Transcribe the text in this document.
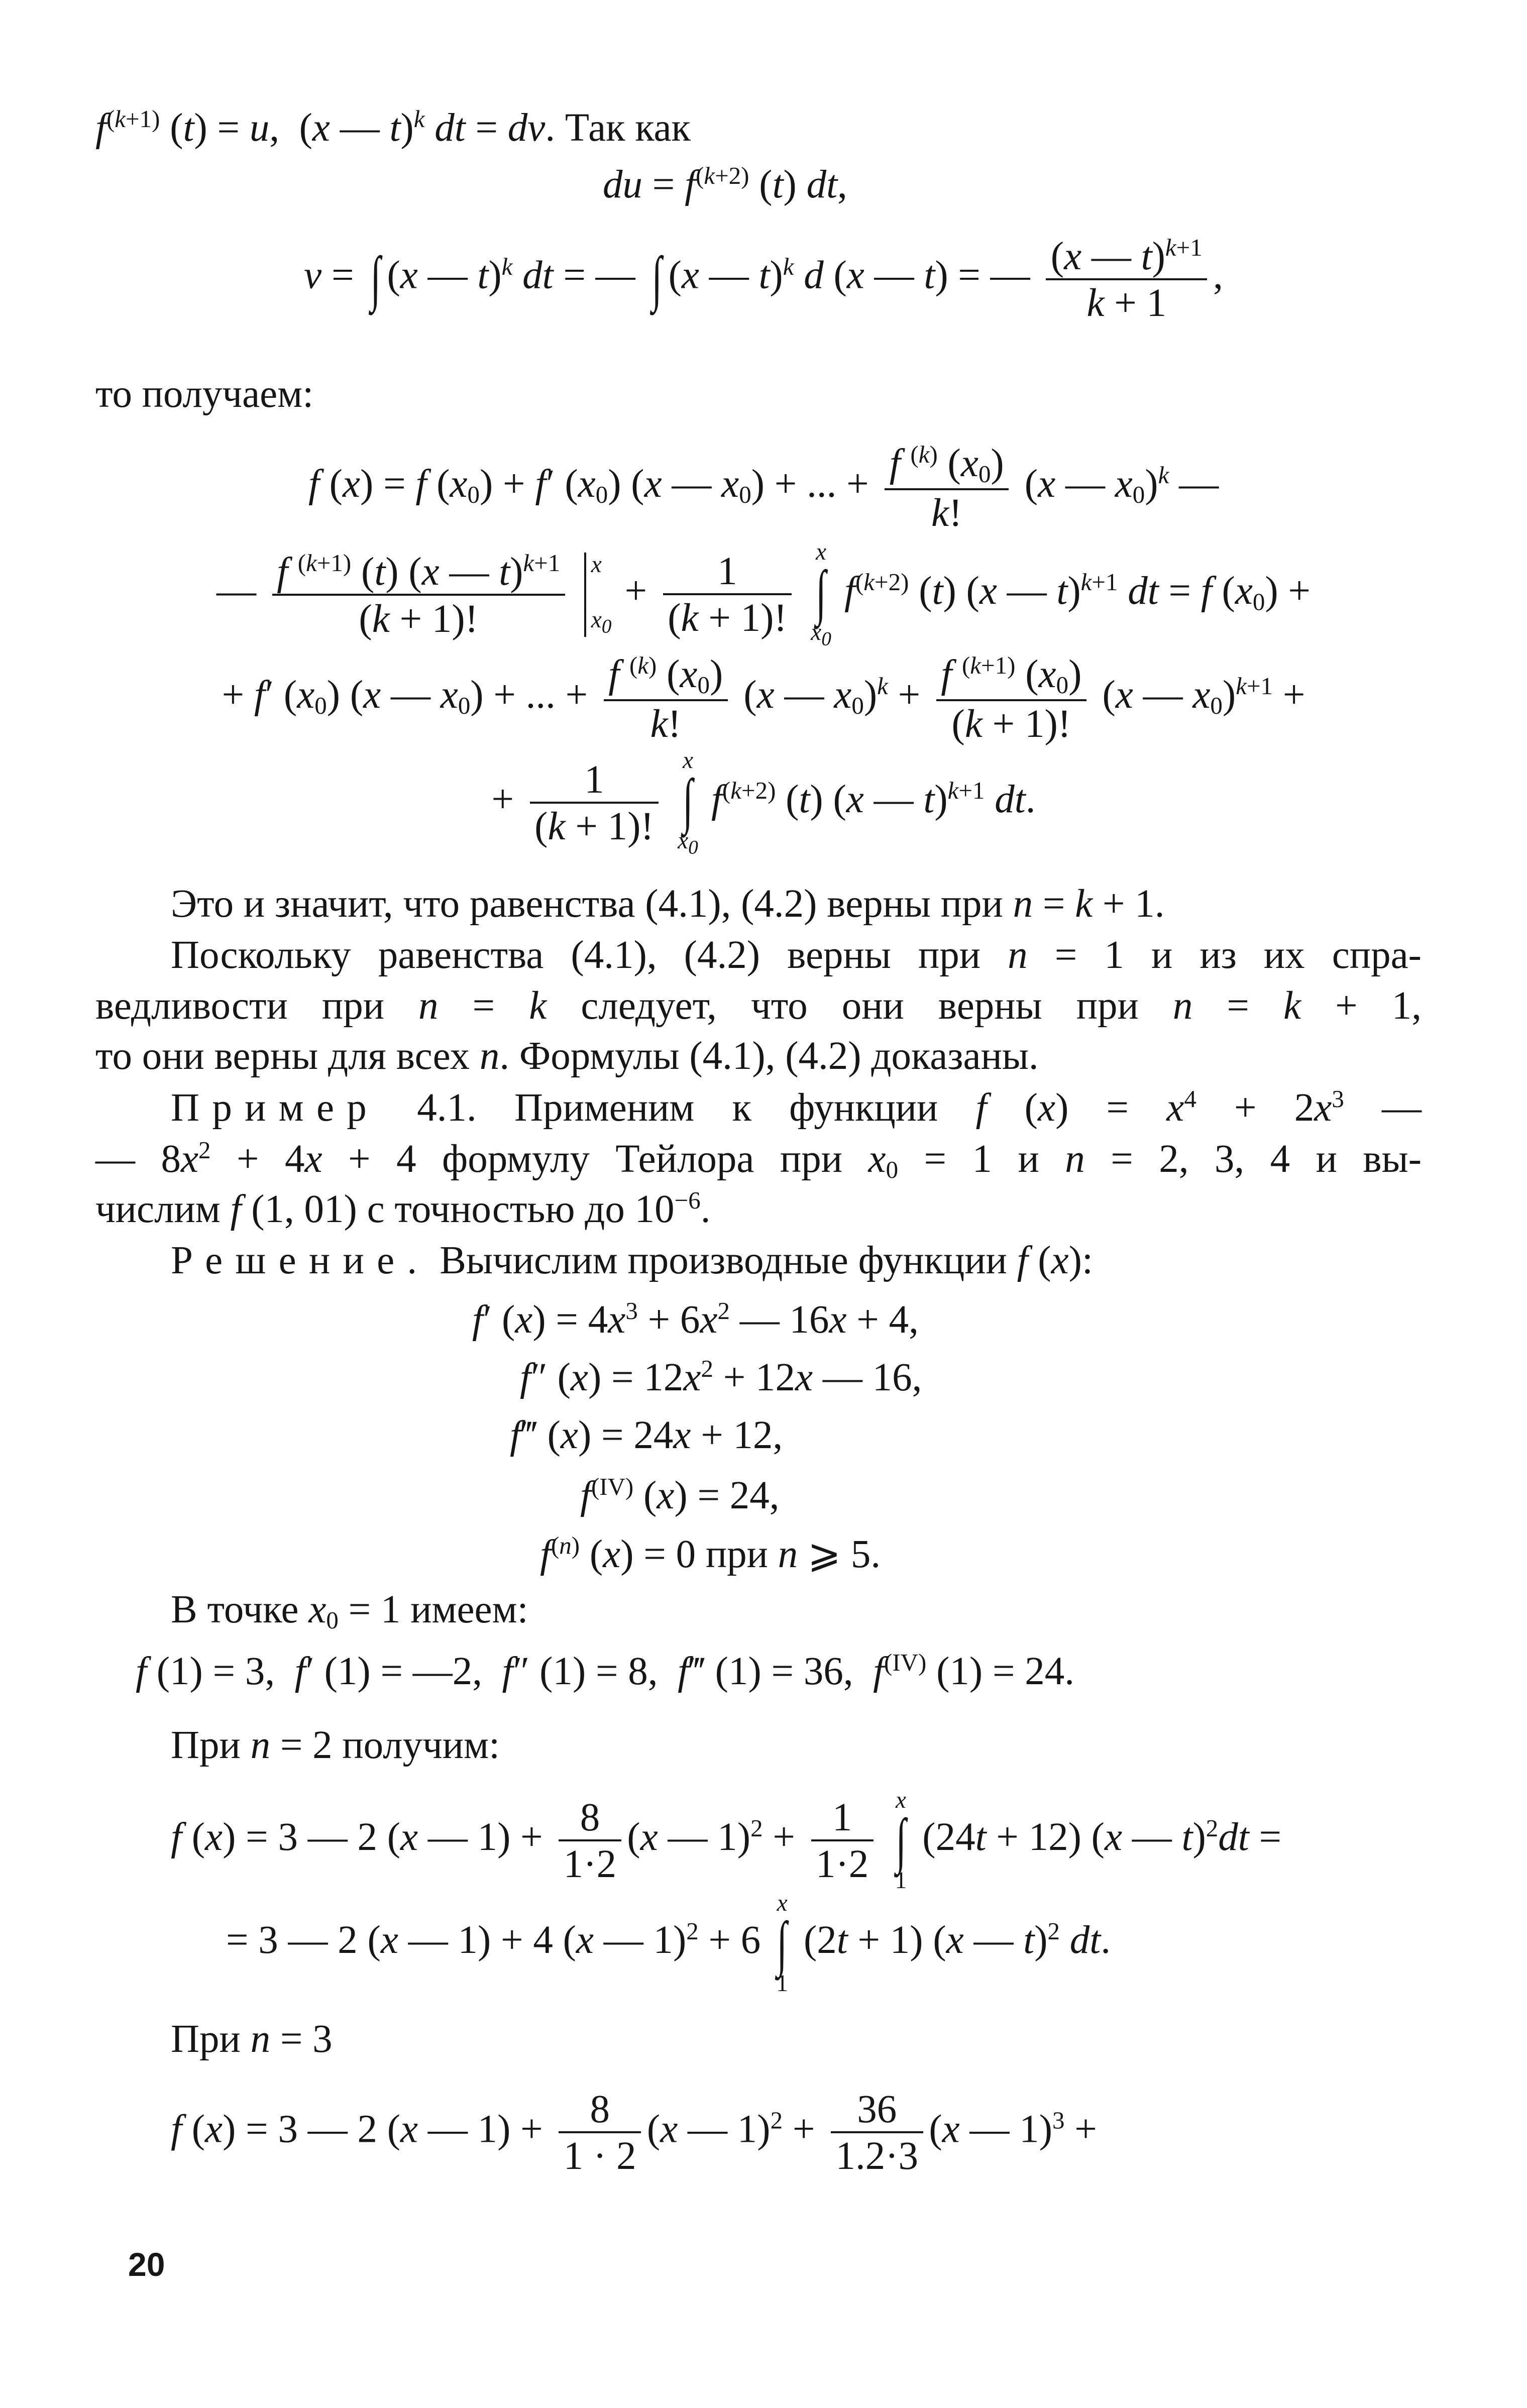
$f^{(k+1)}$ (t) = u,  (x — t)$^k$ dt = dv. Так как
du = $f^{(k+2)}$ (t) dt,
v = ∫ (x — t)$^k$ dt = — ∫ (x — t)$^k$ d (x — t) = — $\frac{(x — t)^{k+1}}{k + 1}$ ,
то получаем:
f (x) = f $(x_0) + f'$ $(x_0)$ (x — $x_0$) + ... + $\frac{f ^{(k)} (x_0)}{k!} (x$ — $x_0)^k$ —
— $\frac{f ^{(k+1)} (t) (x — t)^{k+1}}{(k + 1)!}$
x
$x_0$
+ $\frac{1}{(k + 1)!}$
x
∫
$x_0$
$f^{(k+2)}$ (t) (x — t)$^{k+1}$ dt = f $(x_0)$ +
+ f′ $(x_0)$ (x — $x_0$) + ... + $\frac{f ^{(k)} (x_0)}{k!} (x$ — $x_0)^k + \frac{f ^{(k+1)} (x_0)}{(k + 1)!} (x$ — $x_0)^{k+1}$ +
+ $\frac{1}{(k + 1)!}$
x
∫
$x_0$
$f^{(k+2)}$ (t) (x — t)$^{k+1}$ dt.
Это и значит, что равенства (4.1), (4.2) верны при n = k + 1.
Поскольку равенства (4.1), (4.2) верны при n = 1 и из их спра-
ведливости при n = k следует, что они верны при n = k + 1,
то они верны для всех n. Формулы (4.1), (4.2) доказаны.
Пример 4.1. Применим к функции f $(x) = x^4 + 2x^3$ —
— $8x^2 + 4x + 4$ формулу Тейлора при $x_0 = 1$ и n = 2, 3, 4 и вы-
числим f (1, 01) с точностью до $10^{-6}$.
Решение. Вычислим производные функции f (x):
f′ $(x) = 4x^3 + 6x^2$ — 16x + 4,
f″ $(x) = 12x^2 + 12x$ — 16,
f‴ (x) = 24x + 12,
$f^{(IV)}$ (x) = 24,
$f^{(n)}$ (x) = 0 при n ⩾ 5.
В точке $x_0 = 1$ имеем:
f (1) = 3,  f′ (1) = —2,  f″ (1) = 8,  f‴ (1) = 36,  $f^{(IV)}$ (1) = 24.
При n = 2 получим:
f (x) = 3 — 2 (x — $1) + \frac{8}{1\cdot 2} (x$ — $1)^2 + \frac{1}{1\cdot 2}$
x
∫
1
(24t + 12) (x — t)$^2$dt =
= 3 — 2 (x — 1) + 4 (x — 1)$^2$ + 6
x
∫
1
(2t + 1) (x — t)$^2$ dt.
При n = 3
f (x) = 3 — 2 (x — $1) + \frac{8}{1 \cdot 2} (x$ — $1)^2 + \frac{36}{1.2\cdot 3} (x$ — 1)$^3$ +
20
